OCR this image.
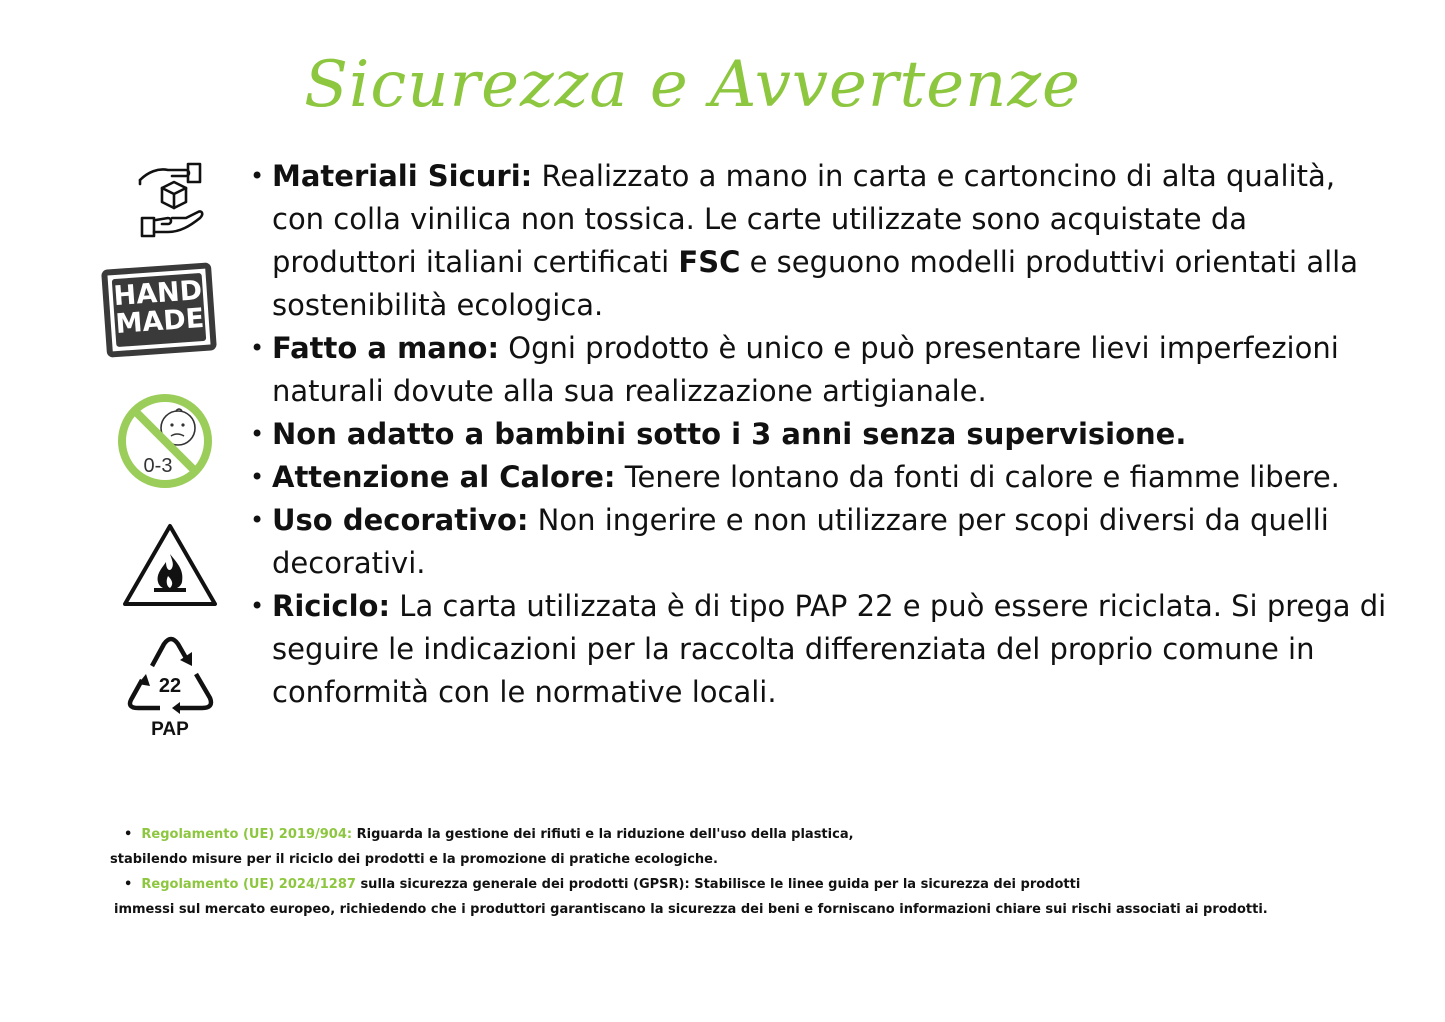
Sicurezza e Avvertenze
HAND
MADE
0-3
22
PAP
• Materiali Sicuri: Realizzato a mano in carta e cartoncino di alta qualità, con colla vinilica non tossica. Le carte utilizzate sono acquistate da produttori italiani certificati FSC e seguono modelli produttivi orientati alla sostenibilità ecologica.
• Fatto a mano: Ogni prodotto è unico e può presentare lievi imperfezioni naturali dovute alla sua realizzazione artigianale.
• Non adatto a bambini sotto i 3 anni senza supervisione.
• Attenzione al Calore: Tenere lontano da fonti di calore e fiamme libere.
• Uso decorativo: Non ingerire e non utilizzare per scopi diversi da quelli decorativi.
• Riciclo: La carta utilizzata è di tipo PAP 22 e può essere riciclata. Si prega di seguire le indicazioni per la raccolta differenziata del proprio comune in conformità con le normative locali.
•  Regolamento (UE) 2019/904: Riguarda la gestione dei rifiuti e la riduzione dell'uso della plastica,
stabilendo misure per il riciclo dei prodotti e la promozione di pratiche ecologiche.
•  Regolamento (UE) 2024/1287 sulla sicurezza generale dei prodotti (GPSR): Stabilisce le linee guida per la sicurezza dei prodotti
immessi sul mercato europeo, richiedendo che i produttori garantiscano la sicurezza dei beni e forniscano informazioni chiare sui rischi associati ai prodotti.
